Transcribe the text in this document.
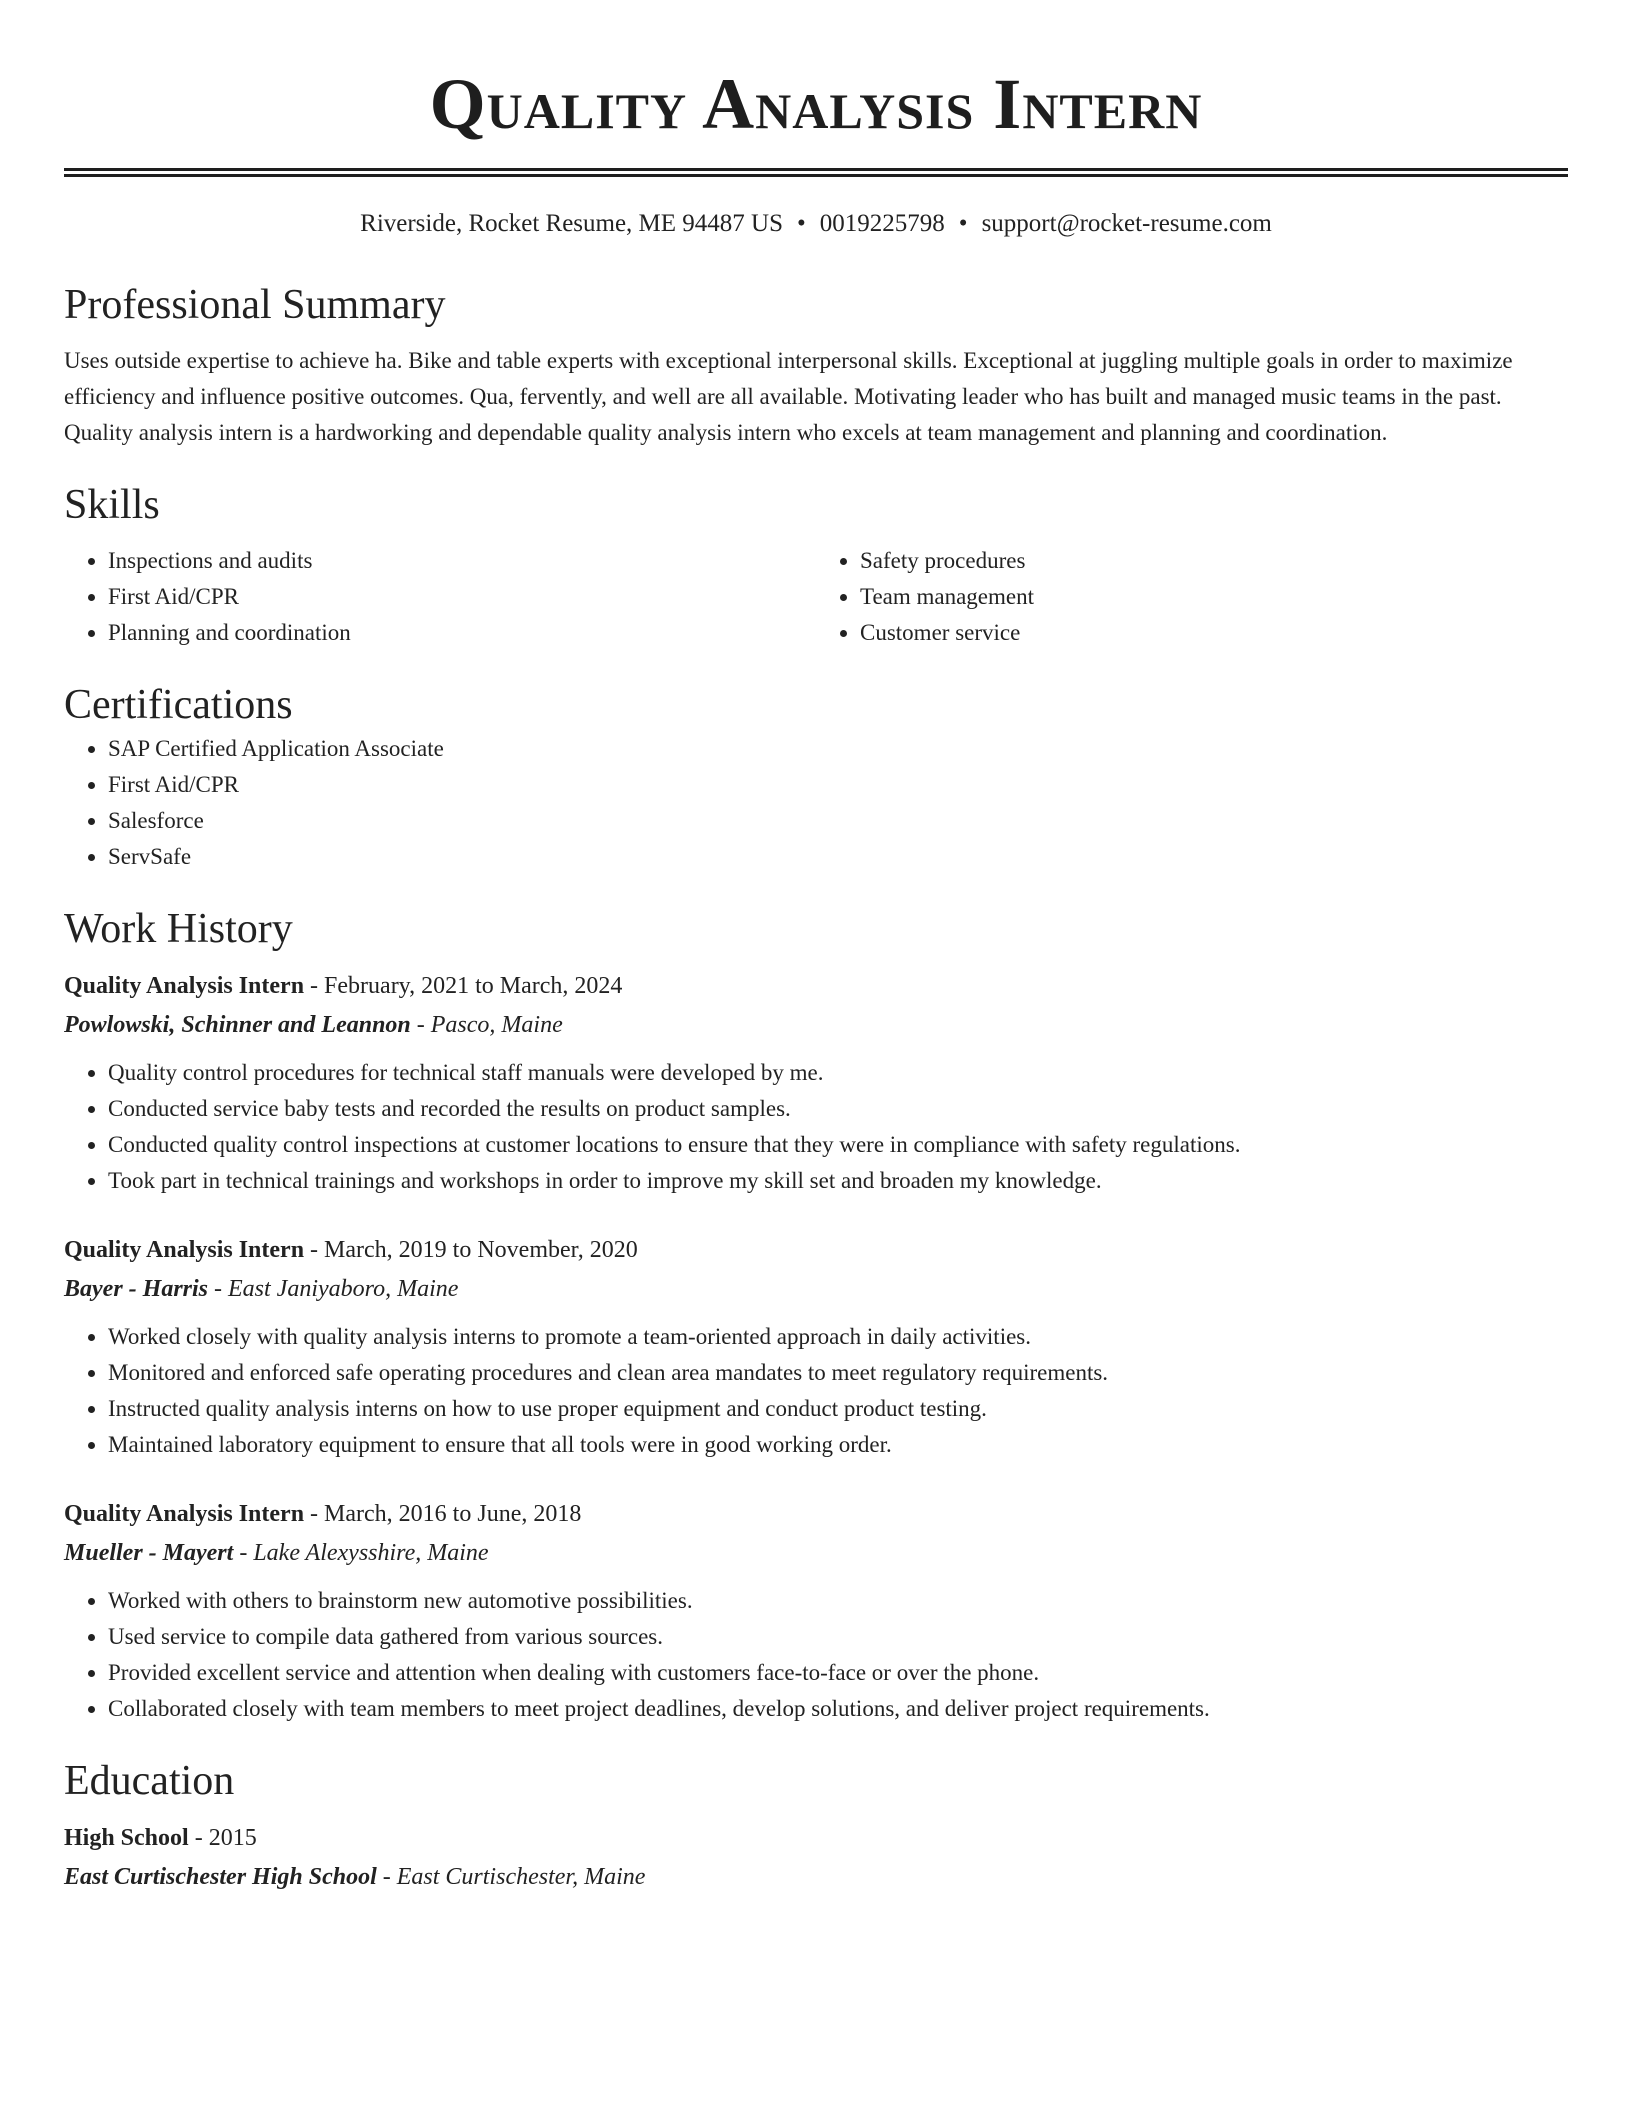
Quality Analysis Intern
Riverside, Rocket Resume, ME 94487 US • 0019225798 • support@rocket-resume.com
Professional Summary

Uses outside expertise to achieve ha. Bike and table experts with exceptional interpersonal skills. Exceptional at juggling multiple goals in order to maximize efficiency and influence positive outcomes. Qua, fervently, and well are all available. Motivating leader who has built and managed music teams in the past. Quality analysis intern is a hardworking and dependable quality analysis intern who excels at team management and planning and coordination.

Skills
• Inspections and audits
• First Aid/CPR
• Planning and coordination
• Safety procedures
• Team management
• Customer service
Certifications
• SAP Certified Application Associate
• First Aid/CPR
• Salesforce
• ServSafe
Work History
Quality Analysis Intern - February, 2021 to March, 2024
Powlowski, Schinner and Leannon - Pasco, Maine
• Quality control procedures for technical staff manuals were developed by me.
• Conducted service baby tests and recorded the results on product samples.
• Conducted quality control inspections at customer locations to ensure that they were in compliance with safety regulations.
• Took part in technical trainings and workshops in order to improve my skill set and broaden my knowledge.
Quality Analysis Intern - March, 2019 to November, 2020
Bayer - Harris - East Janiyaboro, Maine
• Worked closely with quality analysis interns to promote a team-oriented approach in daily activities.
• Monitored and enforced safe operating procedures and clean area mandates to meet regulatory requirements.
• Instructed quality analysis interns on how to use proper equipment and conduct product testing.
• Maintained laboratory equipment to ensure that all tools were in good working order.
Quality Analysis Intern - March, 2016 to June, 2018
Mueller - Mayert - Lake Alexysshire, Maine
• Worked with others to brainstorm new automotive possibilities.
• Used service to compile data gathered from various sources.
• Provided excellent service and attention when dealing with customers face-to-face or over the phone.
• Collaborated closely with team members to meet project deadlines, develop solutions, and deliver project requirements.
Education
High School - 2015
East Curtischester High School - East Curtischester, Maine
